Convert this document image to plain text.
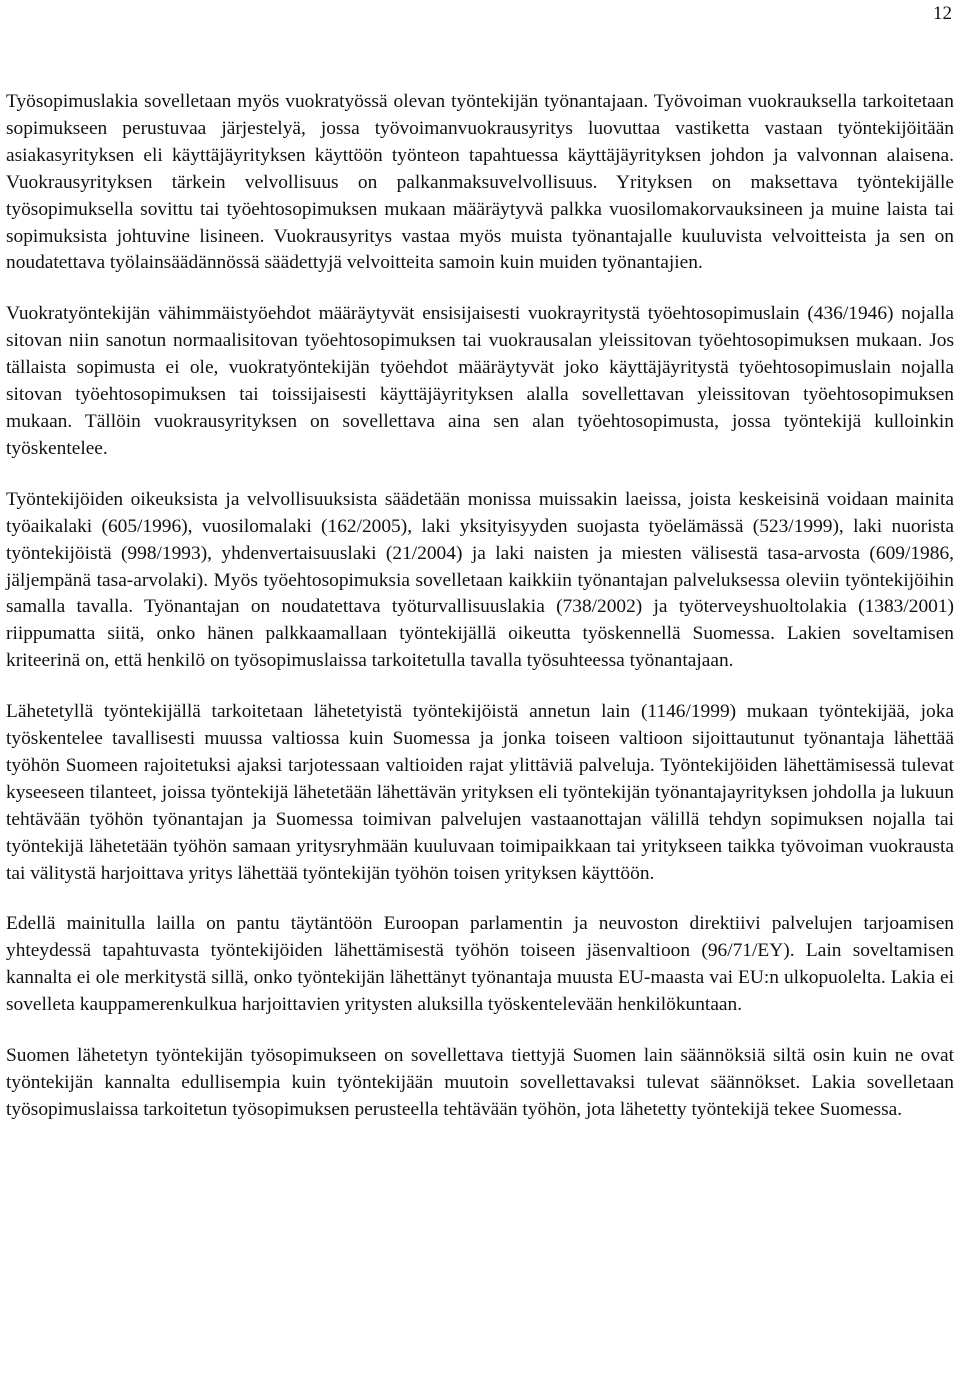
12

Työsopimuslakia sovelletaan myös vuokratyössä olevan työntekijän työnantajaan. Työvoiman vuokrauksella tarkoitetaan sopimukseen perustuvaa järjestelyä, jossa työvoimanvuokrausyritys luovuttaa vastiketta vastaan työntekijöitään asiakasyrityksen eli käyttäjäyrityksen käyttöön työnteon tapahtuessa käyttäjäyrityksen johdon ja valvonnan alaisena. Vuokrausyrityksen tärkein velvollisuus on palkanmaksuvelvollisuus. Yrityksen on maksettava työntekijälle työsopimuksella sovittu tai työehtosopimuksen mukaan määräytyvä palkka vuosilomakorvauksineen ja muine laista tai sopimuksista johtuvine lisineen. Vuokrausyritys vastaa myös muista työnantajalle kuuluvista velvoitteista ja sen on noudatettava työlainsäädännössä säädettyjä velvoitteita samoin kuin muiden työnantajien.

Vuokratyöntekijän vähimmäistyöehdot määräytyvät ensisijaisesti vuokrayritystä työehtosopimuslain (436/1946) nojalla sitovan niin sanotun normaalisitovan työehtosopimuksen tai vuokrausalan yleissitovan työehtosopimuksen mukaan. Jos tällaista sopimusta ei ole, vuokratyöntekijän työehdot määräytyvät joko käyttäjäyritystä työehtosopimuslain nojalla sitovan työehtosopimuksen tai toissijaisesti käyttäjäyrityksen alalla sovellettavan yleissitovan työehtosopimuksen mukaan. Tällöin vuokrausyrityksen on sovellettava aina sen alan työehtosopimusta, jossa työntekijä kulloinkin työskentelee.

Työntekijöiden oikeuksista ja velvollisuuksista säädetään monissa muissakin laeissa, joista keskeisinä voidaan mainita työaikalaki (605/1996), vuosilomalaki (162/2005), laki yksityisyyden suojasta työelämässä (523/1999), laki nuorista työntekijöistä (998/1993), yhdenvertaisuuslaki (21/2004) ja laki naisten ja miesten välisestä tasa-arvosta (609/1986, jäljempänä tasa-arvolaki). Myös työehtosopimuksia sovelletaan kaikkiin työnantajan palveluksessa oleviin työntekijöihin samalla tavalla. Työnantajan on noudatettava työturvallisuuslakia (738/2002) ja työterveyshuoltolakia (1383/2001) riippumatta siitä, onko hänen palkkaamallaan työntekijällä oikeutta työskennellä Suomessa. Lakien soveltamisen kriteerinä on, että henkilö on työsopimuslaissa tarkoitetulla tavalla työsuhteessa työnantajaan.

Lähetetyllä työntekijällä tarkoitetaan lähetetyistä työntekijöistä annetun lain (1146/1999) mukaan työntekijää, joka työskentelee tavallisesti muussa valtiossa kuin Suomessa ja jonka toiseen valtioon sijoittautunut työnantaja lähettää työhön Suomeen rajoitetuksi ajaksi tarjotessaan valtioiden rajat ylittäviä palveluja. Työntekijöiden lähettämisessä tulevat kyseeseen tilanteet, joissa työntekijä lähetetään lähettävän yrityksen eli työntekijän työnantajayrityksen johdolla ja lukuun tehtävään työhön työnantajan ja Suomessa toimivan palvelujen vastaanottajan välillä tehdyn sopimuksen nojalla tai työntekijä lähetetään työhön samaan yritysryhmään kuuluvaan toimipaikkaan tai yritykseen taikka työvoiman vuokrausta tai välitystä harjoittava yritys lähettää työntekijän työhön toisen yrityksen käyttöön.

Edellä mainitulla lailla on pantu täytäntöön Euroopan parlamentin ja neuvoston direktiivi palvelujen tarjoamisen yhteydessä tapahtuvasta työntekijöiden lähettämisestä työhön toiseen jäsenvaltioon (96/71/EY). Lain soveltamisen kannalta ei ole merkitystä sillä, onko työntekijän lähettänyt työnantaja muusta EU-maasta vai EU:n ulkopuolelta. Lakia ei sovelleta kauppamerenkulkua harjoittavien yritysten aluksilla työskentelevään henkilökuntaan.

Suomen lähetetyn työntekijän työsopimukseen on sovellettava tiettyjä Suomen lain säännöksiä siltä osin kuin ne ovat työntekijän kannalta edullisempia kuin työntekijään muutoin sovellettavaksi tulevat säännökset. Lakia sovelletaan työsopimuslaissa tarkoitetun työsopimuksen perusteella tehtävään työhön, jota lähetetty työntekijä tekee Suomessa.
